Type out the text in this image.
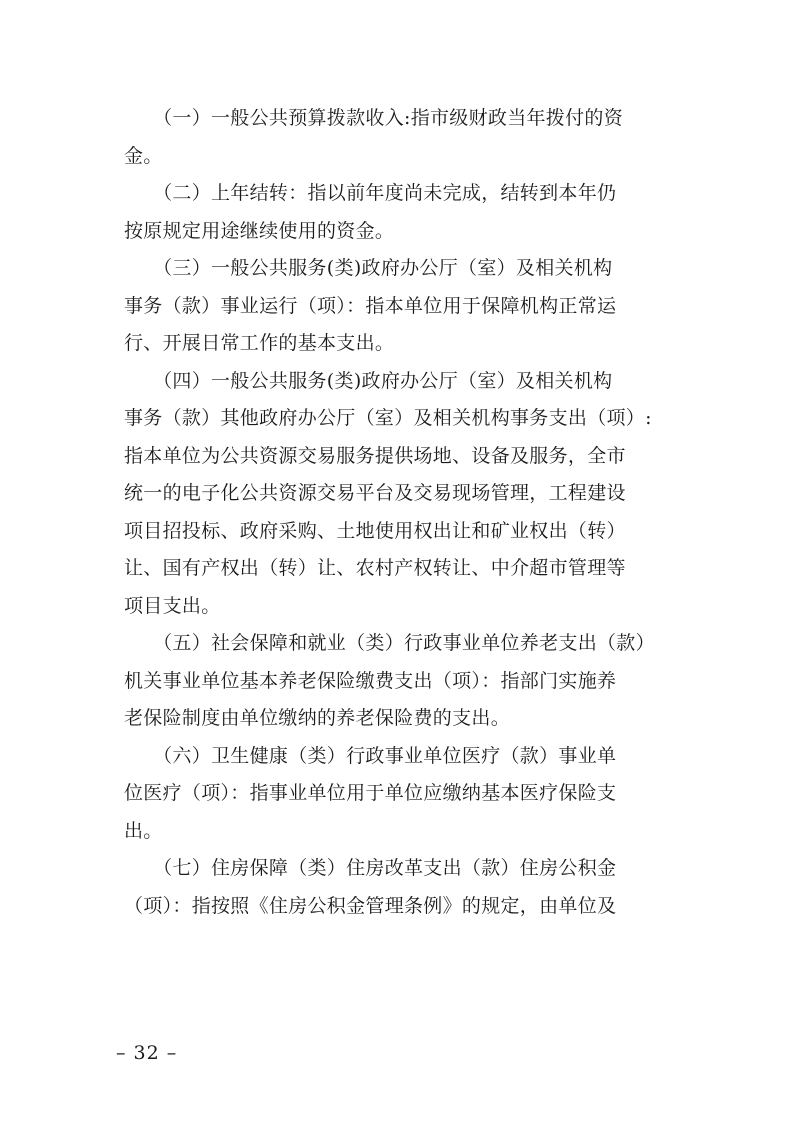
　　（一）一般公共预算拨款收入:指市级财政当年拨付的资
金。

　　（二）上年结转：指以前年度尚未完成，结转到本年仍
按原规定用途继续使用的资金。

　　（三）一般公共服务(类)政府办公厅（室）及相关机构
事务（款）事业运行（项）：指本单位用于保障机构正常运
行、开展日常工作的基本支出。

　　（四）一般公共服务(类)政府办公厅（室）及相关机构
事务（款）其他政府办公厅（室）及相关机构事务支出（项）:
指本单位为公共资源交易服务提供场地、设备及服务，全市
统一的电子化公共资源交易平台及交易现场管理，工程建设
项目招投标、政府采购、土地使用权出让和矿业权出（转）
让、国有产权出（转）让、农村产权转让、中介超市管理等
项目支出。

　　（五）社会保障和就业（类）行政事业单位养老支出（款）
机关事业单位基本养老保险缴费支出（项）：指部门实施养
老保险制度由单位缴纳的养老保险费的支出。

　　（六）卫生健康（类）行政事业单位医疗（款）事业单
位医疗（项）：指事业单位用于单位应缴纳基本医疗保险支
出。

　　（七）住房保障（类）住房改革支出（款）住房公积金
（项）：指按照《住房公积金管理条例》的规定，由单位及

– 32 –
